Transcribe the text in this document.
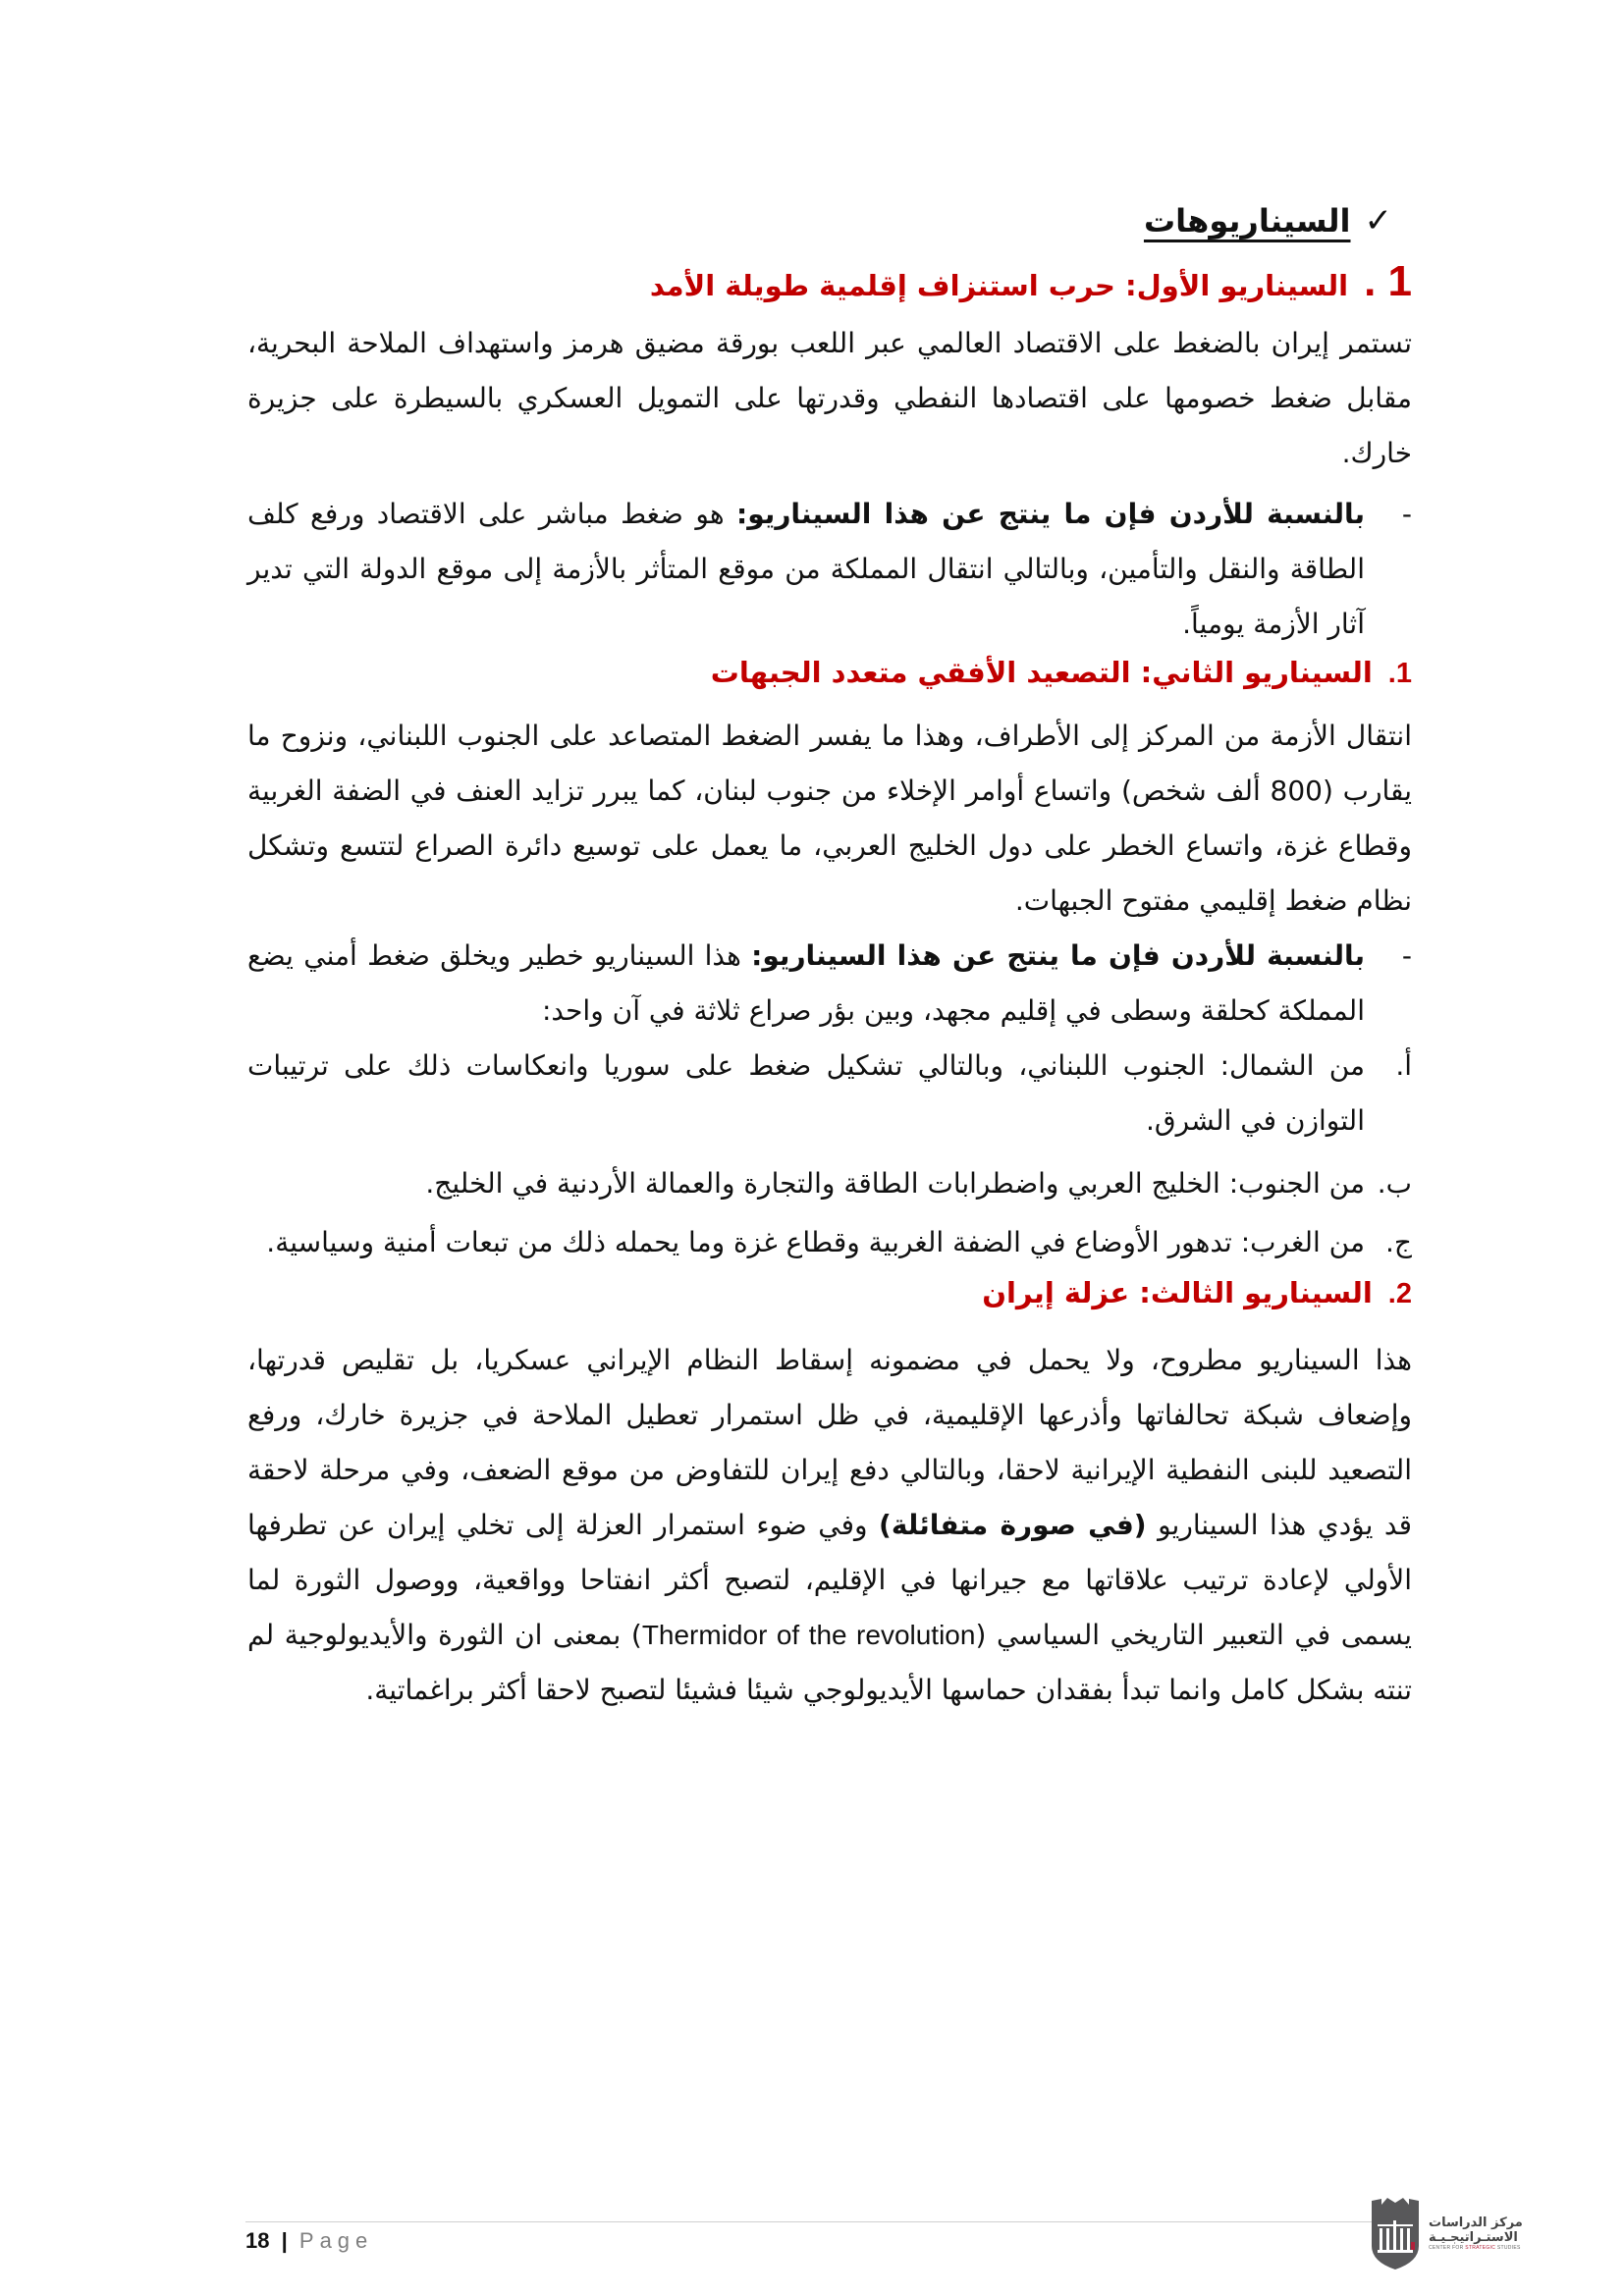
✓
السيناريوهات
1 .
السيناريو الأول: حرب استنزاف إقلمية طويلة الأمد
تستمر إيران بالضغط على الاقتصاد العالمي عبر اللعب بورقة مضيق هرمز واستهداف الملاحة البحرية، مقابل ضغط خصومها على اقتصادها النفطي وقدرتها على التمويل العسكري بالسيطرة على جزيرة خارك.
-
بالنسبة للأردن فإن ما ينتج عن هذا السيناريو: هو ضغط مباشر على الاقتصاد ورفع كلف الطاقة والنقل والتأمين، وبالتالي انتقال المملكة من موقع المتأثر بالأزمة إلى موقع الدولة التي تدير آثار الأزمة يومياً.
1.
السيناريو الثاني: التصعيد الأفقي متعدد الجبهات
انتقال الأزمة من المركز إلى الأطراف، وهذا ما يفسر الضغط المتصاعد على الجنوب اللبناني، ونزوح ما يقارب (800 ألف شخص) واتساع أوامر الإخلاء من جنوب لبنان، كما يبرر تزايد العنف في الضفة الغربية وقطاع غزة، واتساع الخطر على دول الخليج العربي، ما يعمل على توسيع دائرة الصراع لتتسع وتشكل نظام ضغط إقليمي مفتوح الجبهات.
-
بالنسبة للأردن فإن ما ينتج عن هذا السيناريو: هذا السيناريو خطير ويخلق ضغط أمني يضع المملكة كحلقة وسطى في إقليم مجهد، وبين بؤر صراع ثلاثة في آن واحد:
أ.
من الشمال: الجنوب اللبناني، وبالتالي تشكيل ضغط على سوريا وانعكاسات ذلك على ترتيبات التوازن في الشرق.
ب.
من الجنوب: الخليج العربي واضطرابات الطاقة والتجارة والعمالة الأردنية في الخليج.
ج.
من الغرب: تدهور الأوضاع في الضفة الغربية وقطاع غزة وما يحمله ذلك من تبعات أمنية وسياسية.
2.
السيناريو الثالث: عزلة إيران
هذا السيناريو مطروح، ولا يحمل في مضمونه إسقاط النظام الإيراني عسكريا، بل تقليص قدرتها، وإضعاف شبكة تحالفاتها وأذرعها الإقليمية، في ظل استمرار تعطيل الملاحة في جزيرة خارك، ورفع التصعيد للبنى النفطية الإيرانية لاحقا، وبالتالي دفع إيران للتفاوض من موقع الضعف، وفي مرحلة لاحقة قد يؤدي هذا السيناريو (في صورة متفائلة) وفي ضوء استمرار العزلة إلى تخلي إيران عن تطرفها الأولي لإعادة ترتيب علاقاتها مع جيرانها في الإقليم، لتصبح أكثر انفتاحا وواقعية، ووصول الثورة لما يسمى في التعبير التاريخي السياسي (Thermidor of the revolution) بمعنى ان الثورة والأيديولوجية لم تنته بشكل كامل وانما تبدأ بفقدان حماسها الأيديولوجي شيئا فشيئا لتصبح لاحقا أكثر براغماتية.
18 | Page
مركز الدراسات
الاستـراتيجـيـة
CENTER FOR STRATEGIC STUDIES
